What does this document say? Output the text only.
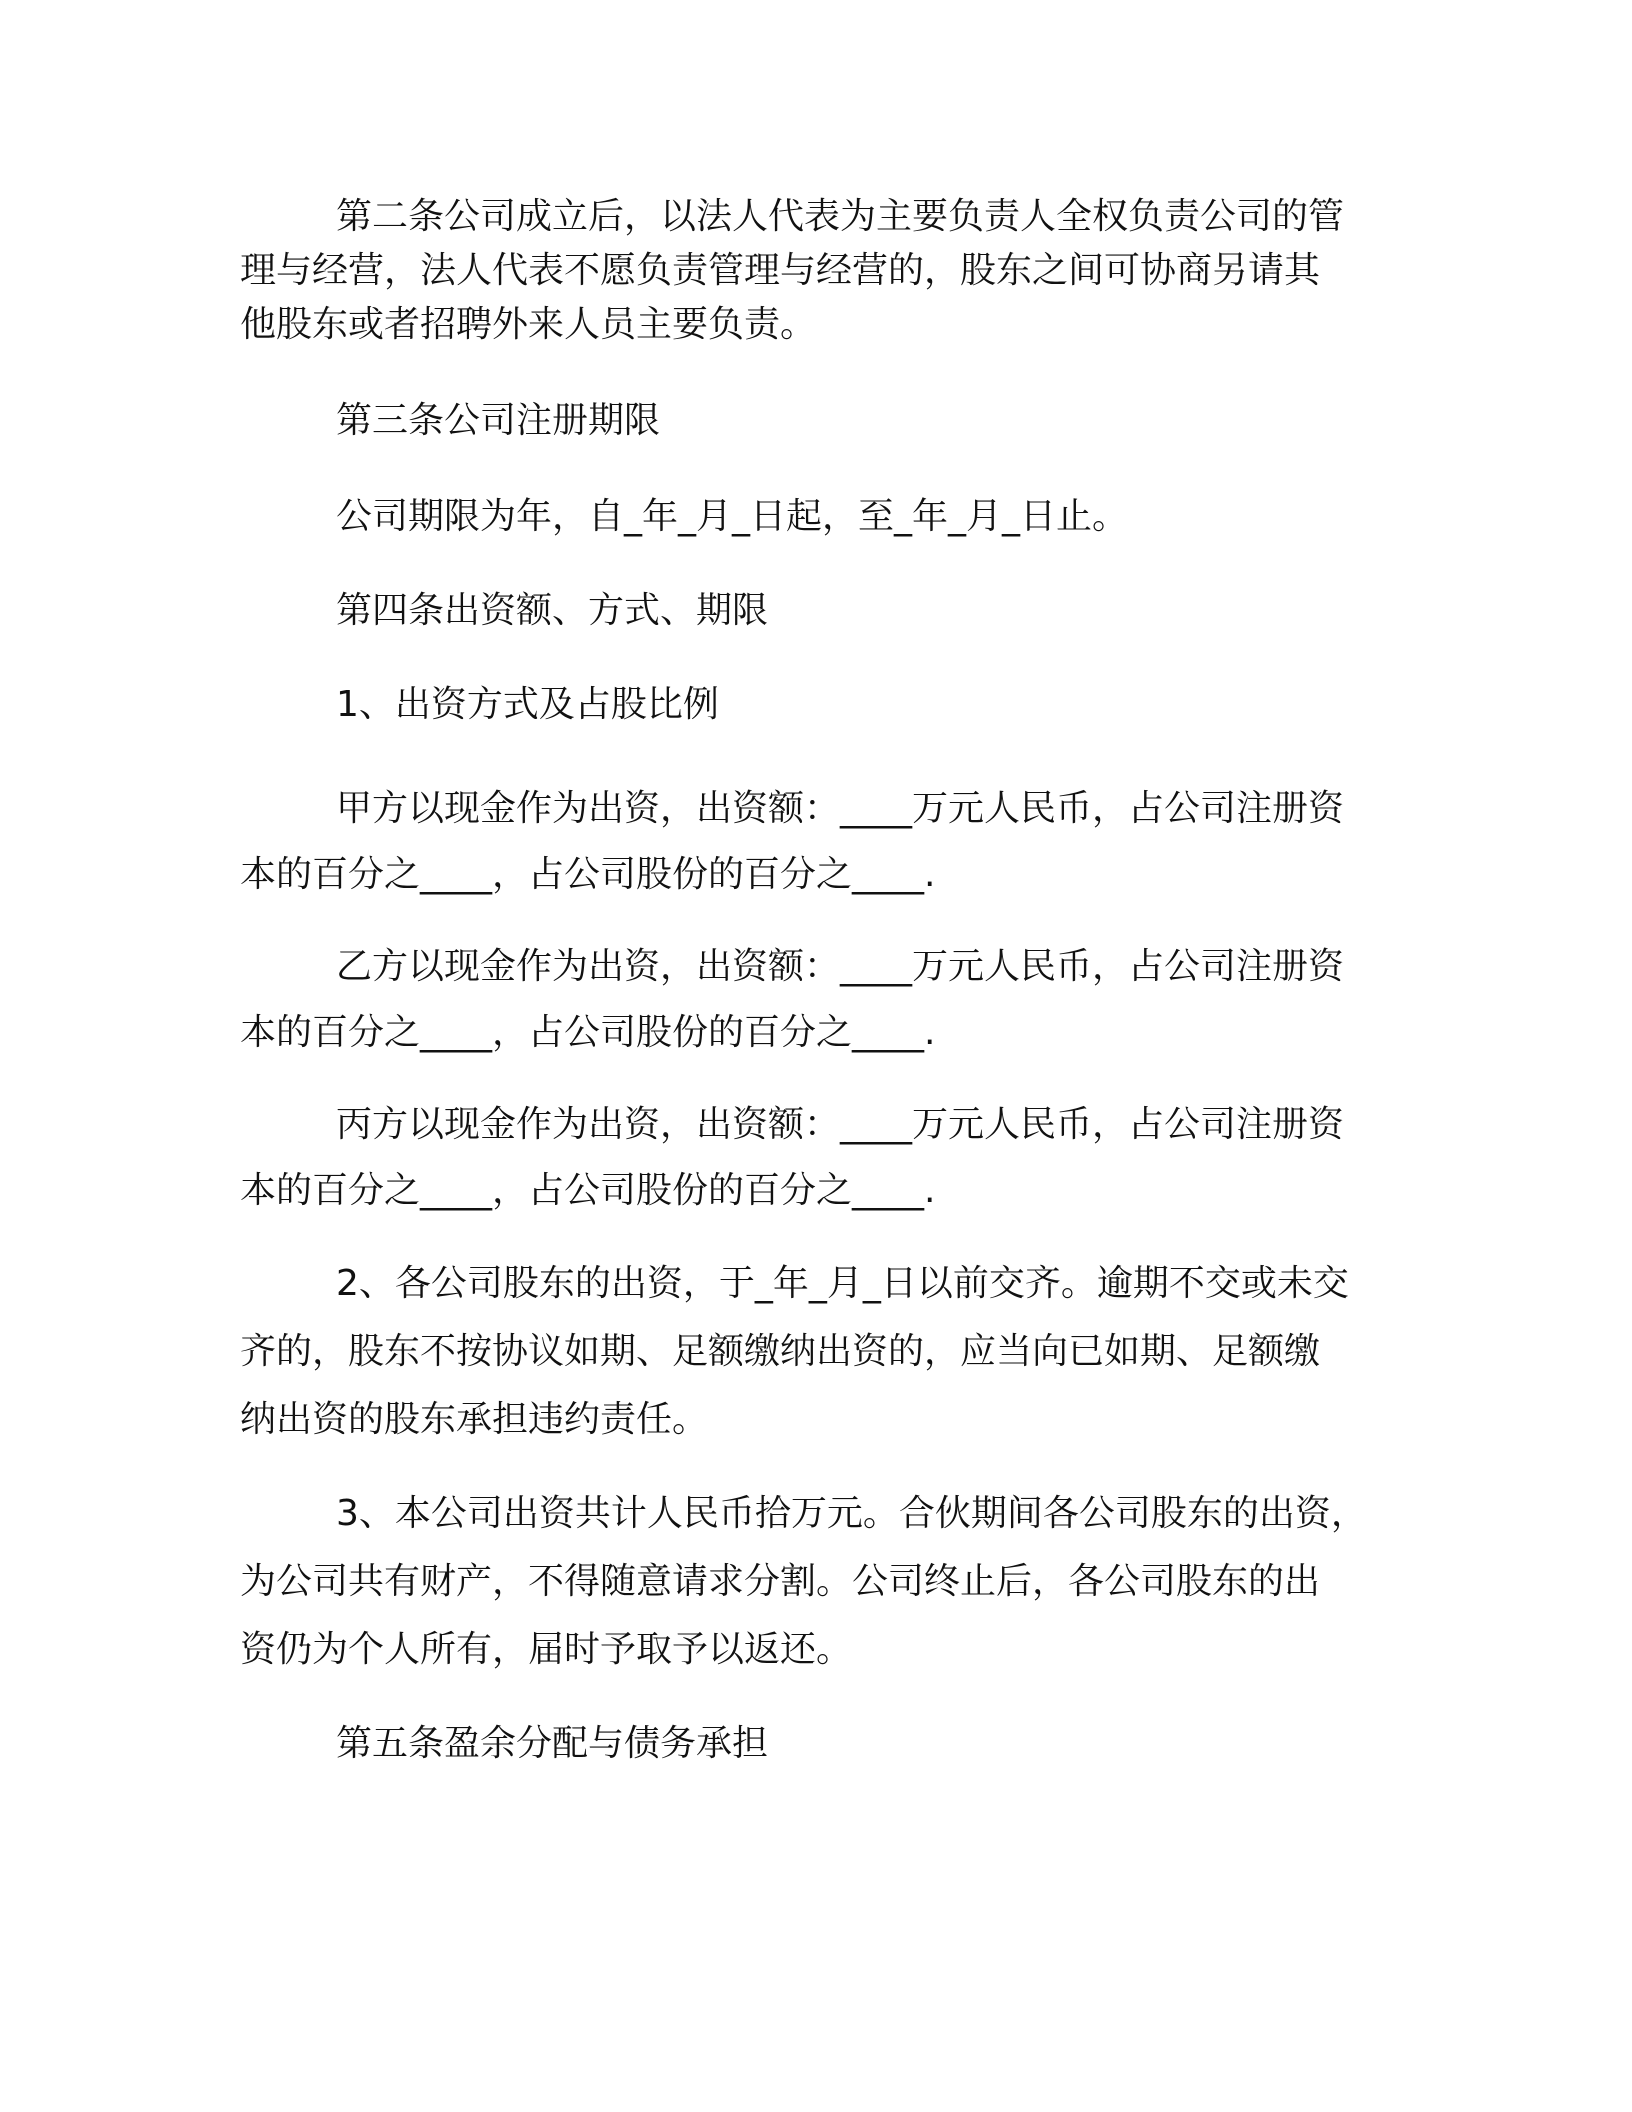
第二条公司成立后，以法人代表为主要负责人全权负责公司的管
理与经营，法人代表不愿负责管理与经营的，股东之间可协商另请其
他股东或者招聘外来人员主要负责。
第三条公司注册期限
公司期限为年，自_年_月_日起，至_年_月_日止。
第四条出资额、方式、期限
1、出资方式及占股比例
甲方以现金作为出资，出资额：____万元人民币，占公司注册资
本的百分之____，占公司股份的百分之____.
乙方以现金作为出资，出资额：____万元人民币，占公司注册资
本的百分之____，占公司股份的百分之____.
丙方以现金作为出资，出资额：____万元人民币，占公司注册资
本的百分之____，占公司股份的百分之____.
2、各公司股东的出资，于_年_月_日以前交齐。逾期不交或未交
齐的，股东不按协议如期、足额缴纳出资的，应当向已如期、足额缴
纳出资的股东承担违约责任。
3、本公司出资共计人民币拾万元。合伙期间各公司股东的出资，
为公司共有财产，不得随意请求分割。公司终止后，各公司股东的出
资仍为个人所有，届时予取予以返还。
第五条盈余分配与债务承担
